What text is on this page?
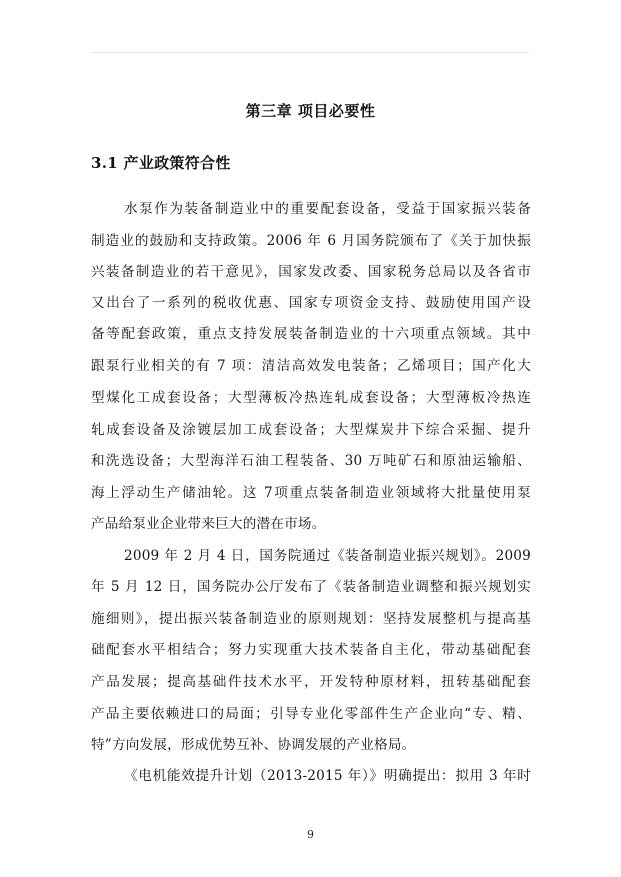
第三章 项目必要性
3.1 产业政策符合性
水泵作为装备制造业中的重要配套设备，受益于国家振兴装备
制造业的鼓励和支持政策。2006 年 6 月国务院颁布了《关于加快振
兴装备制造业的若干意见》，国家发改委、国家税务总局以及各省市
又出台了一系列的税收优惠、国家专项资金支持、鼓励使用国产设
备等配套政策，重点支持发展装备制造业的十六项重点领域。其中
跟泵行业相关的有 7 项：清洁高效发电装备；乙烯项目；国产化大
型煤化工成套设备；大型薄板冷热连轧成套设备；大型薄板冷热连
轧成套设备及涂镀层加工成套设备；大型煤炭井下综合采掘、提升
和洗选设备；大型海洋石油工程装备、30 万吨矿石和原油运输船、
海上浮动生产储油轮。这 7项重点装备制造业领域将大批量使用泵
产品给泵业企业带来巨大的潜在市场。
2009 年 2 月 4 日，国务院通过《装备制造业振兴规划》。2009
年 5 月 12 日，国务院办公厅发布了《装备制造业调整和振兴规划实
施细则》，提出振兴装备制造业的原则规划：坚持发展整机与提高基
础配套水平相结合；努力实现重大技术装备自主化，带动基础配套
产品发展；提高基础件技术水平，开发特种原材料，扭转基础配套
产品主要依赖进口的局面；引导专业化零部件生产企业向“专、精、
特”方向发展，形成优势互补、协调发展的产业格局。
《电机能效提升计划（2013-2015 年）》明确提出：拟用 3 年时
9
